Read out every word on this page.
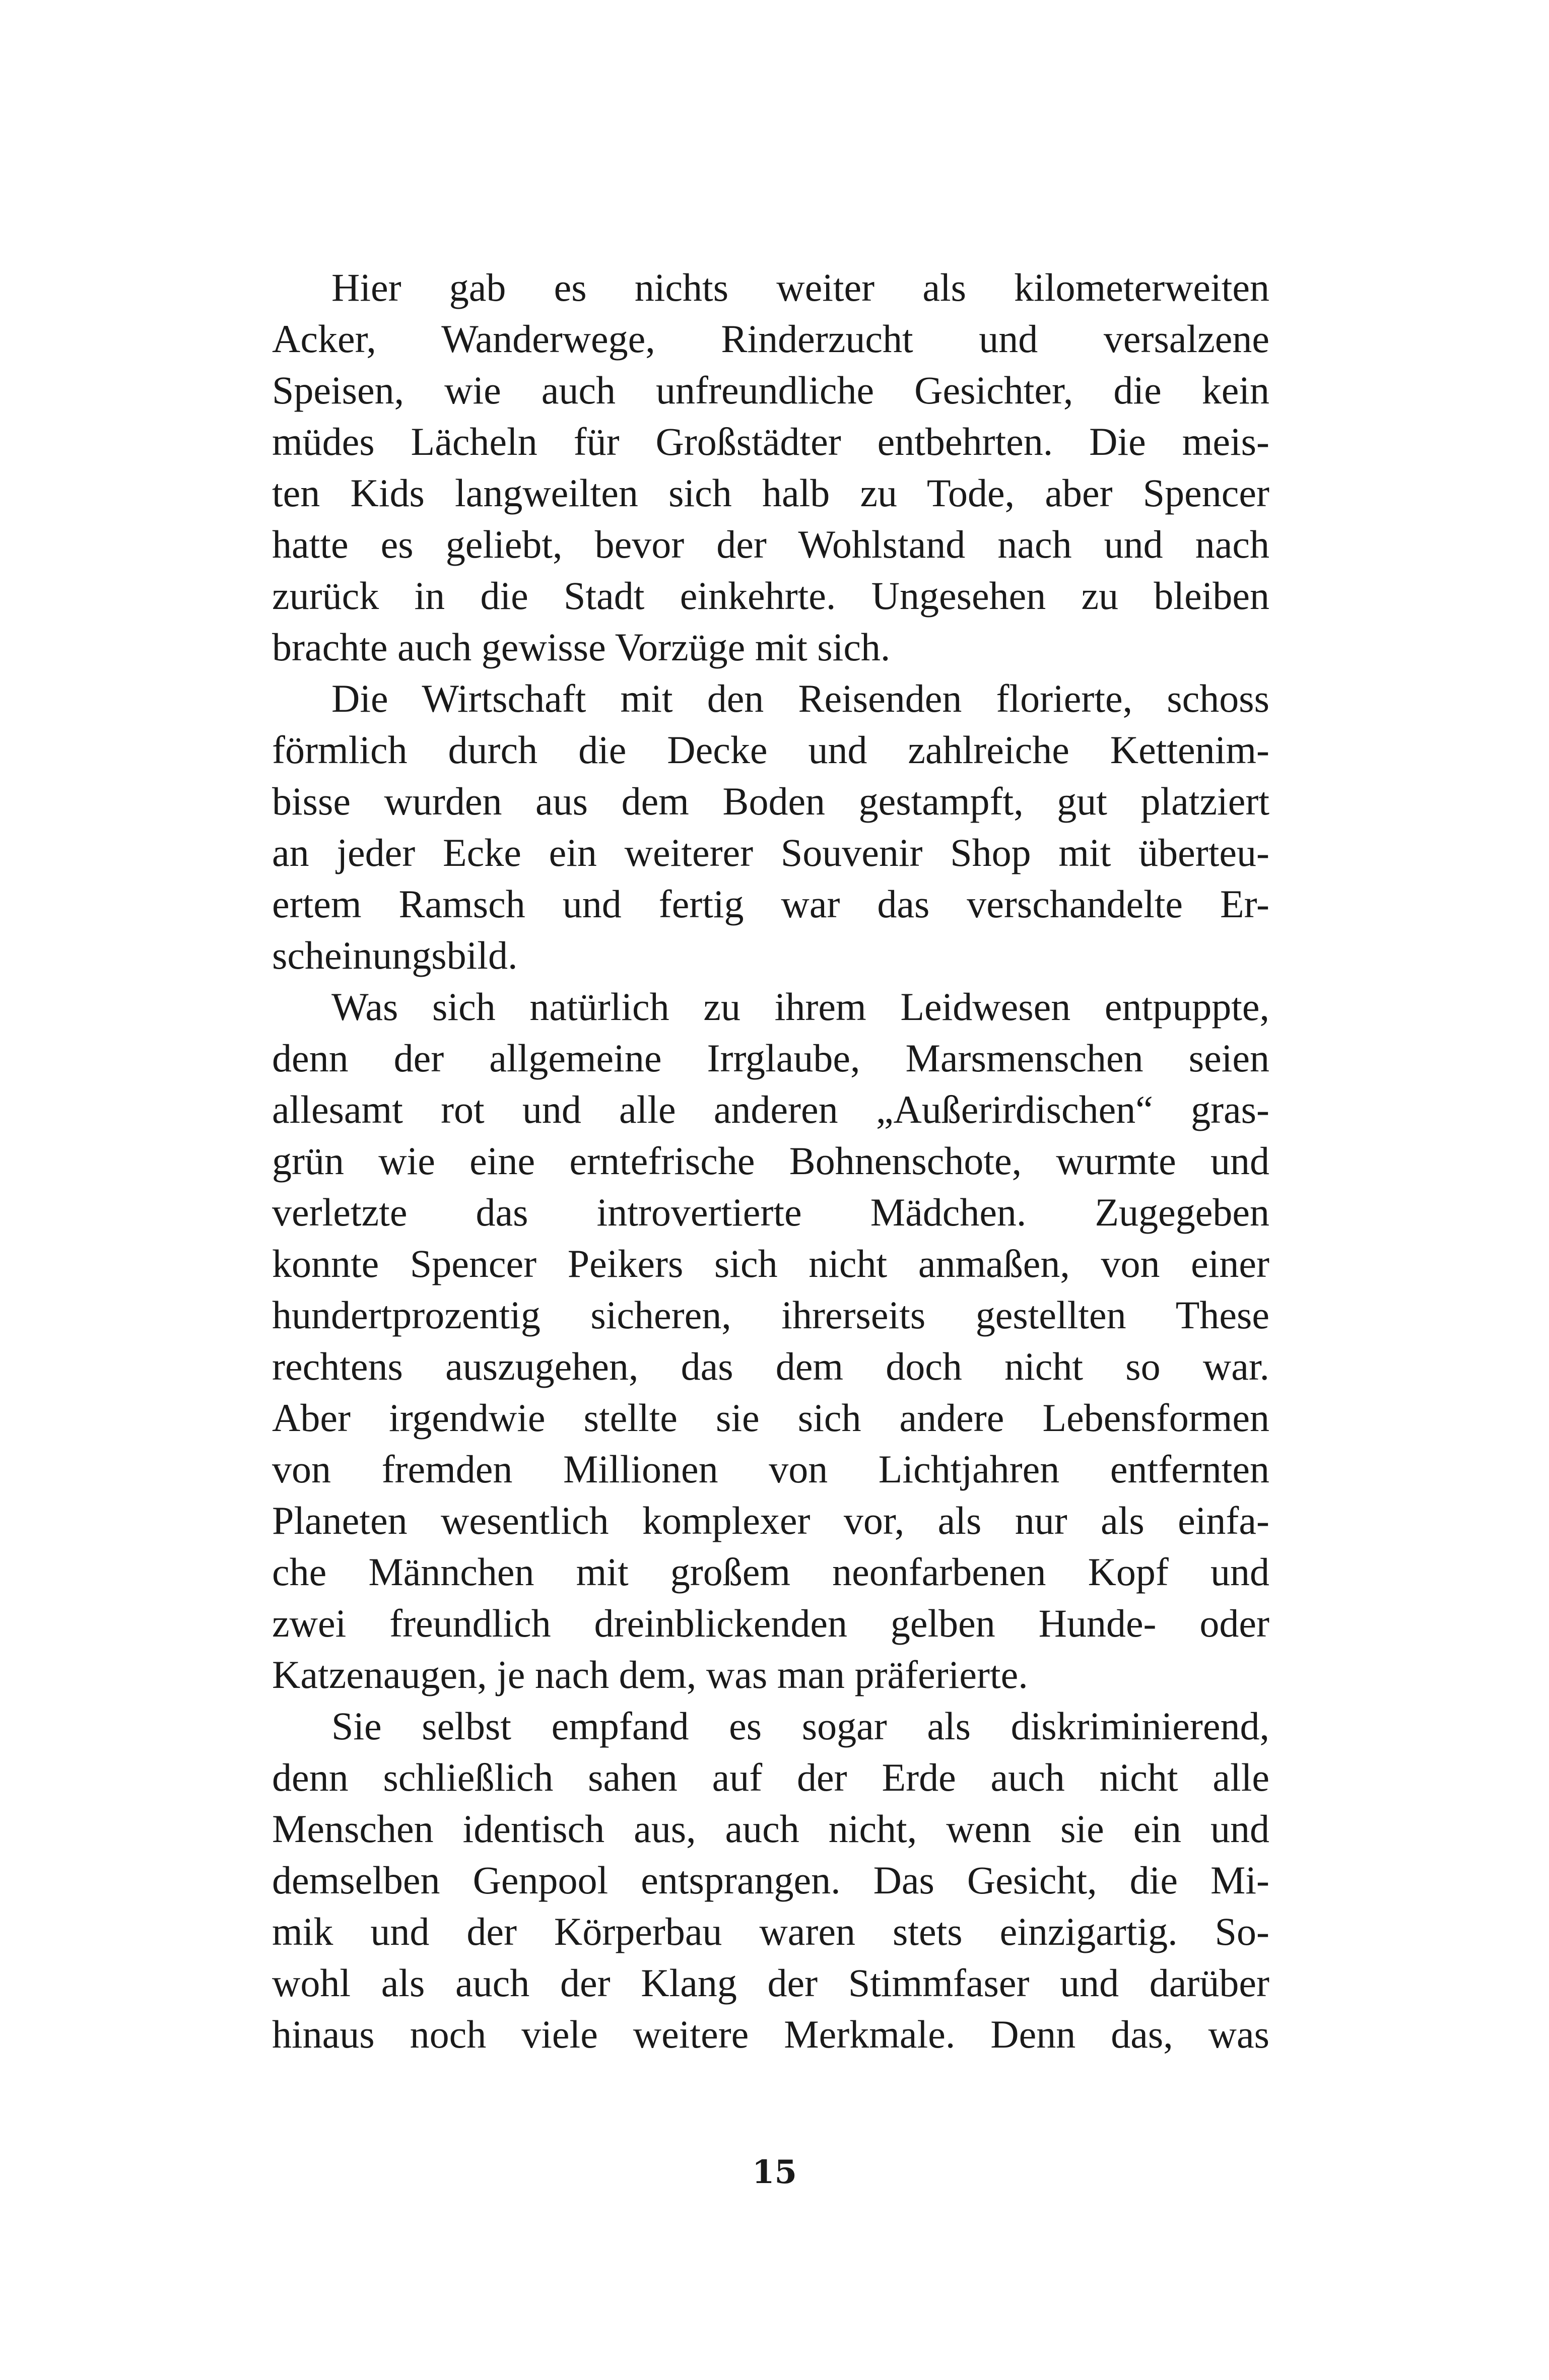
Hier gab es nichts weiter als kilometerweiten
Acker, Wanderwege, Rinderzucht und versalzene
Speisen, wie auch unfreundliche Gesichter, die kein
müdes Lächeln für Großstädter entbehrten. Die meis-
ten Kids langweilten sich halb zu Tode, aber Spencer
hatte es geliebt, bevor der Wohlstand nach und nach
zurück in die Stadt einkehrte. Ungesehen zu bleiben
brachte auch gewisse Vorzüge mit sich.
Die Wirtschaft mit den Reisenden florierte, schoss
förmlich durch die Decke und zahlreiche Kettenim-
bisse wurden aus dem Boden gestampft, gut platziert
an jeder Ecke ein weiterer Souvenir Shop mit überteu-
ertem Ramsch und fertig war das verschandelte Er-
scheinungsbild.
Was sich natürlich zu ihrem Leidwesen entpuppte,
denn der allgemeine Irrglaube, Marsmenschen seien
allesamt rot und alle anderen „Außerirdischen“ gras-
grün wie eine erntefrische Bohnenschote, wurmte und
verletzte das introvertierte Mädchen. Zugegeben
konnte Spencer Peikers sich nicht anmaßen, von einer
hundertprozentig sicheren, ihrerseits gestellten These
rechtens auszugehen, das dem doch nicht so war.
Aber irgendwie stellte sie sich andere Lebensformen
von fremden Millionen von Lichtjahren entfernten
Planeten wesentlich komplexer vor, als nur als einfa-
che Männchen mit großem neonfarbenen Kopf und
zwei freundlich dreinblickenden gelben Hunde- oder
Katzenaugen, je nach dem, was man präferierte.
Sie selbst empfand es sogar als diskriminierend,
denn schließlich sahen auf der Erde auch nicht alle
Menschen identisch aus, auch nicht, wenn sie ein und
demselben Genpool entsprangen. Das Gesicht, die Mi-
mik und der Körperbau waren stets einzigartig. So-
wohl als auch der Klang der Stimmfaser und darüber
hinaus noch viele weitere Merkmale. Denn das, was
15
